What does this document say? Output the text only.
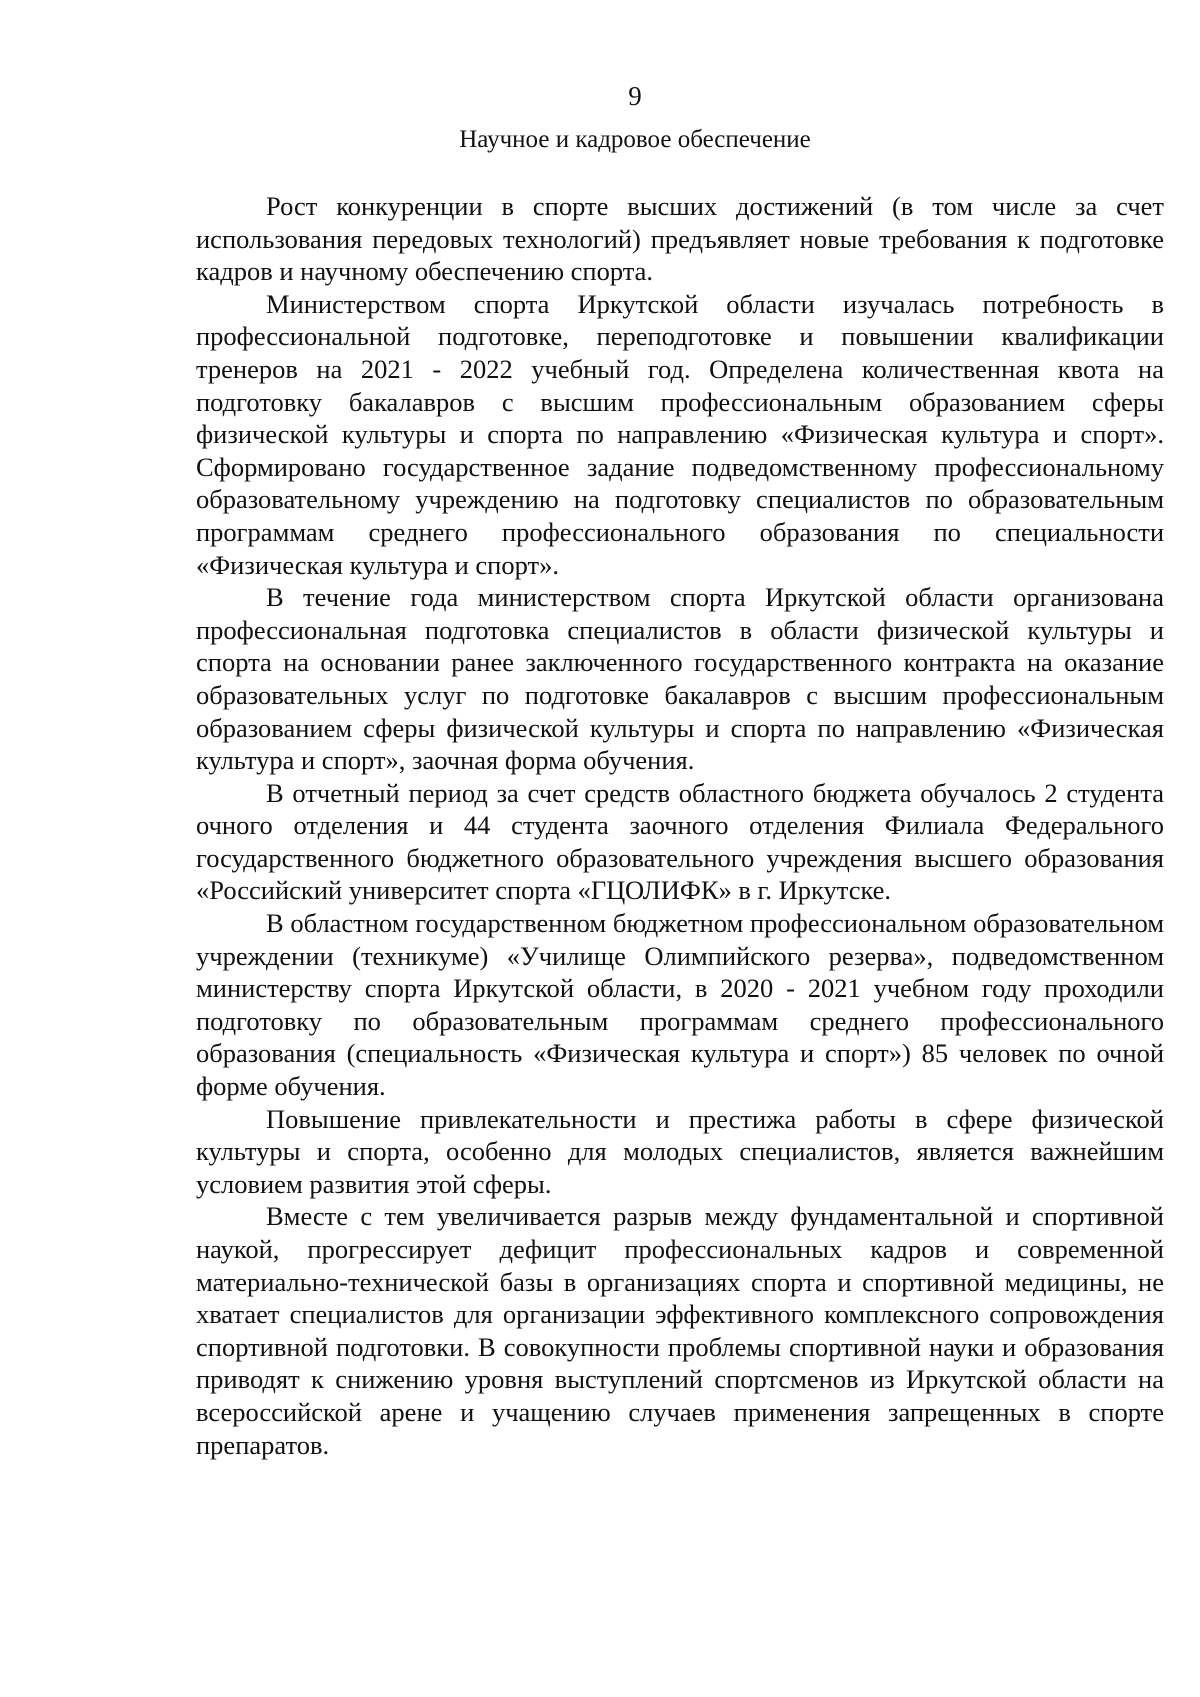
9
Научное и кадровое обеспечение

Рост конкуренции в спорте высших достижений (в том числе за счет использования передовых технологий) предъявляет новые требования к подготовке кадров и научному обеспечению спорта.

Министерством спорта Иркутской области изучалась потребность в профессиональной подготовке, переподготовке и повышении квалификации тренеров на 2021 - 2022 учебный год. Определена количественная квота на подготовку бакалавров с высшим профессиональным образованием сферы физической культуры и спорта по направлению «Физическая культура и спорт». Сформировано государственное задание подведомственному профессиональному образовательному учреждению на подготовку специалистов по образовательным программам среднего профессионального образования по специальности «Физическая культура и спорт».

В течение года министерством спорта Иркутской области организована профессиональная подготовка специалистов в области физической культуры и спорта на основании ранее заключенного государственного контракта на оказание образовательных услуг по подготовке бакалавров с высшим профессиональным образованием сферы физической культуры и спорта по направлению «Физическая культура и спорт», заочная форма обучения.

В отчетный период за счет средств областного бюджета обучалось 2 студента очного отделения и 44 студента заочного отделения Филиала Федерального государственного бюджетного образовательного учреждения высшего образования «Российский университет спорта «ГЦОЛИФК» в г. Иркутске.

В областном государственном бюджетном профессиональном образовательном учреждении (техникуме) «Училище Олимпийского резерва», подведомственном министерству спорта Иркутской области, в 2020 - 2021 учебном году проходили подготовку по образовательным программам среднего профессионального образования (специальность «Физическая культура и спорт») 85 человек по очной форме обучения.

Повышение привлекательности и престижа работы в сфере физической культуры и спорта, особенно для молодых специалистов, является важнейшим условием развития этой сферы.

Вместе с тем увеличивается разрыв между фундаментальной и спортивной наукой, прогрессирует дефицит профессиональных кадров и современной материально-технической базы в организациях спорта и спортивной медицины, не хватает специалистов для организации эффективного комплексного сопровождения спортивной подготовки. В совокупности проблемы спортивной науки и образования приводят к снижению уровня выступлений спортсменов из Иркутской области на всероссийской арене и учащению случаев применения запрещенных в спорте препаратов.
